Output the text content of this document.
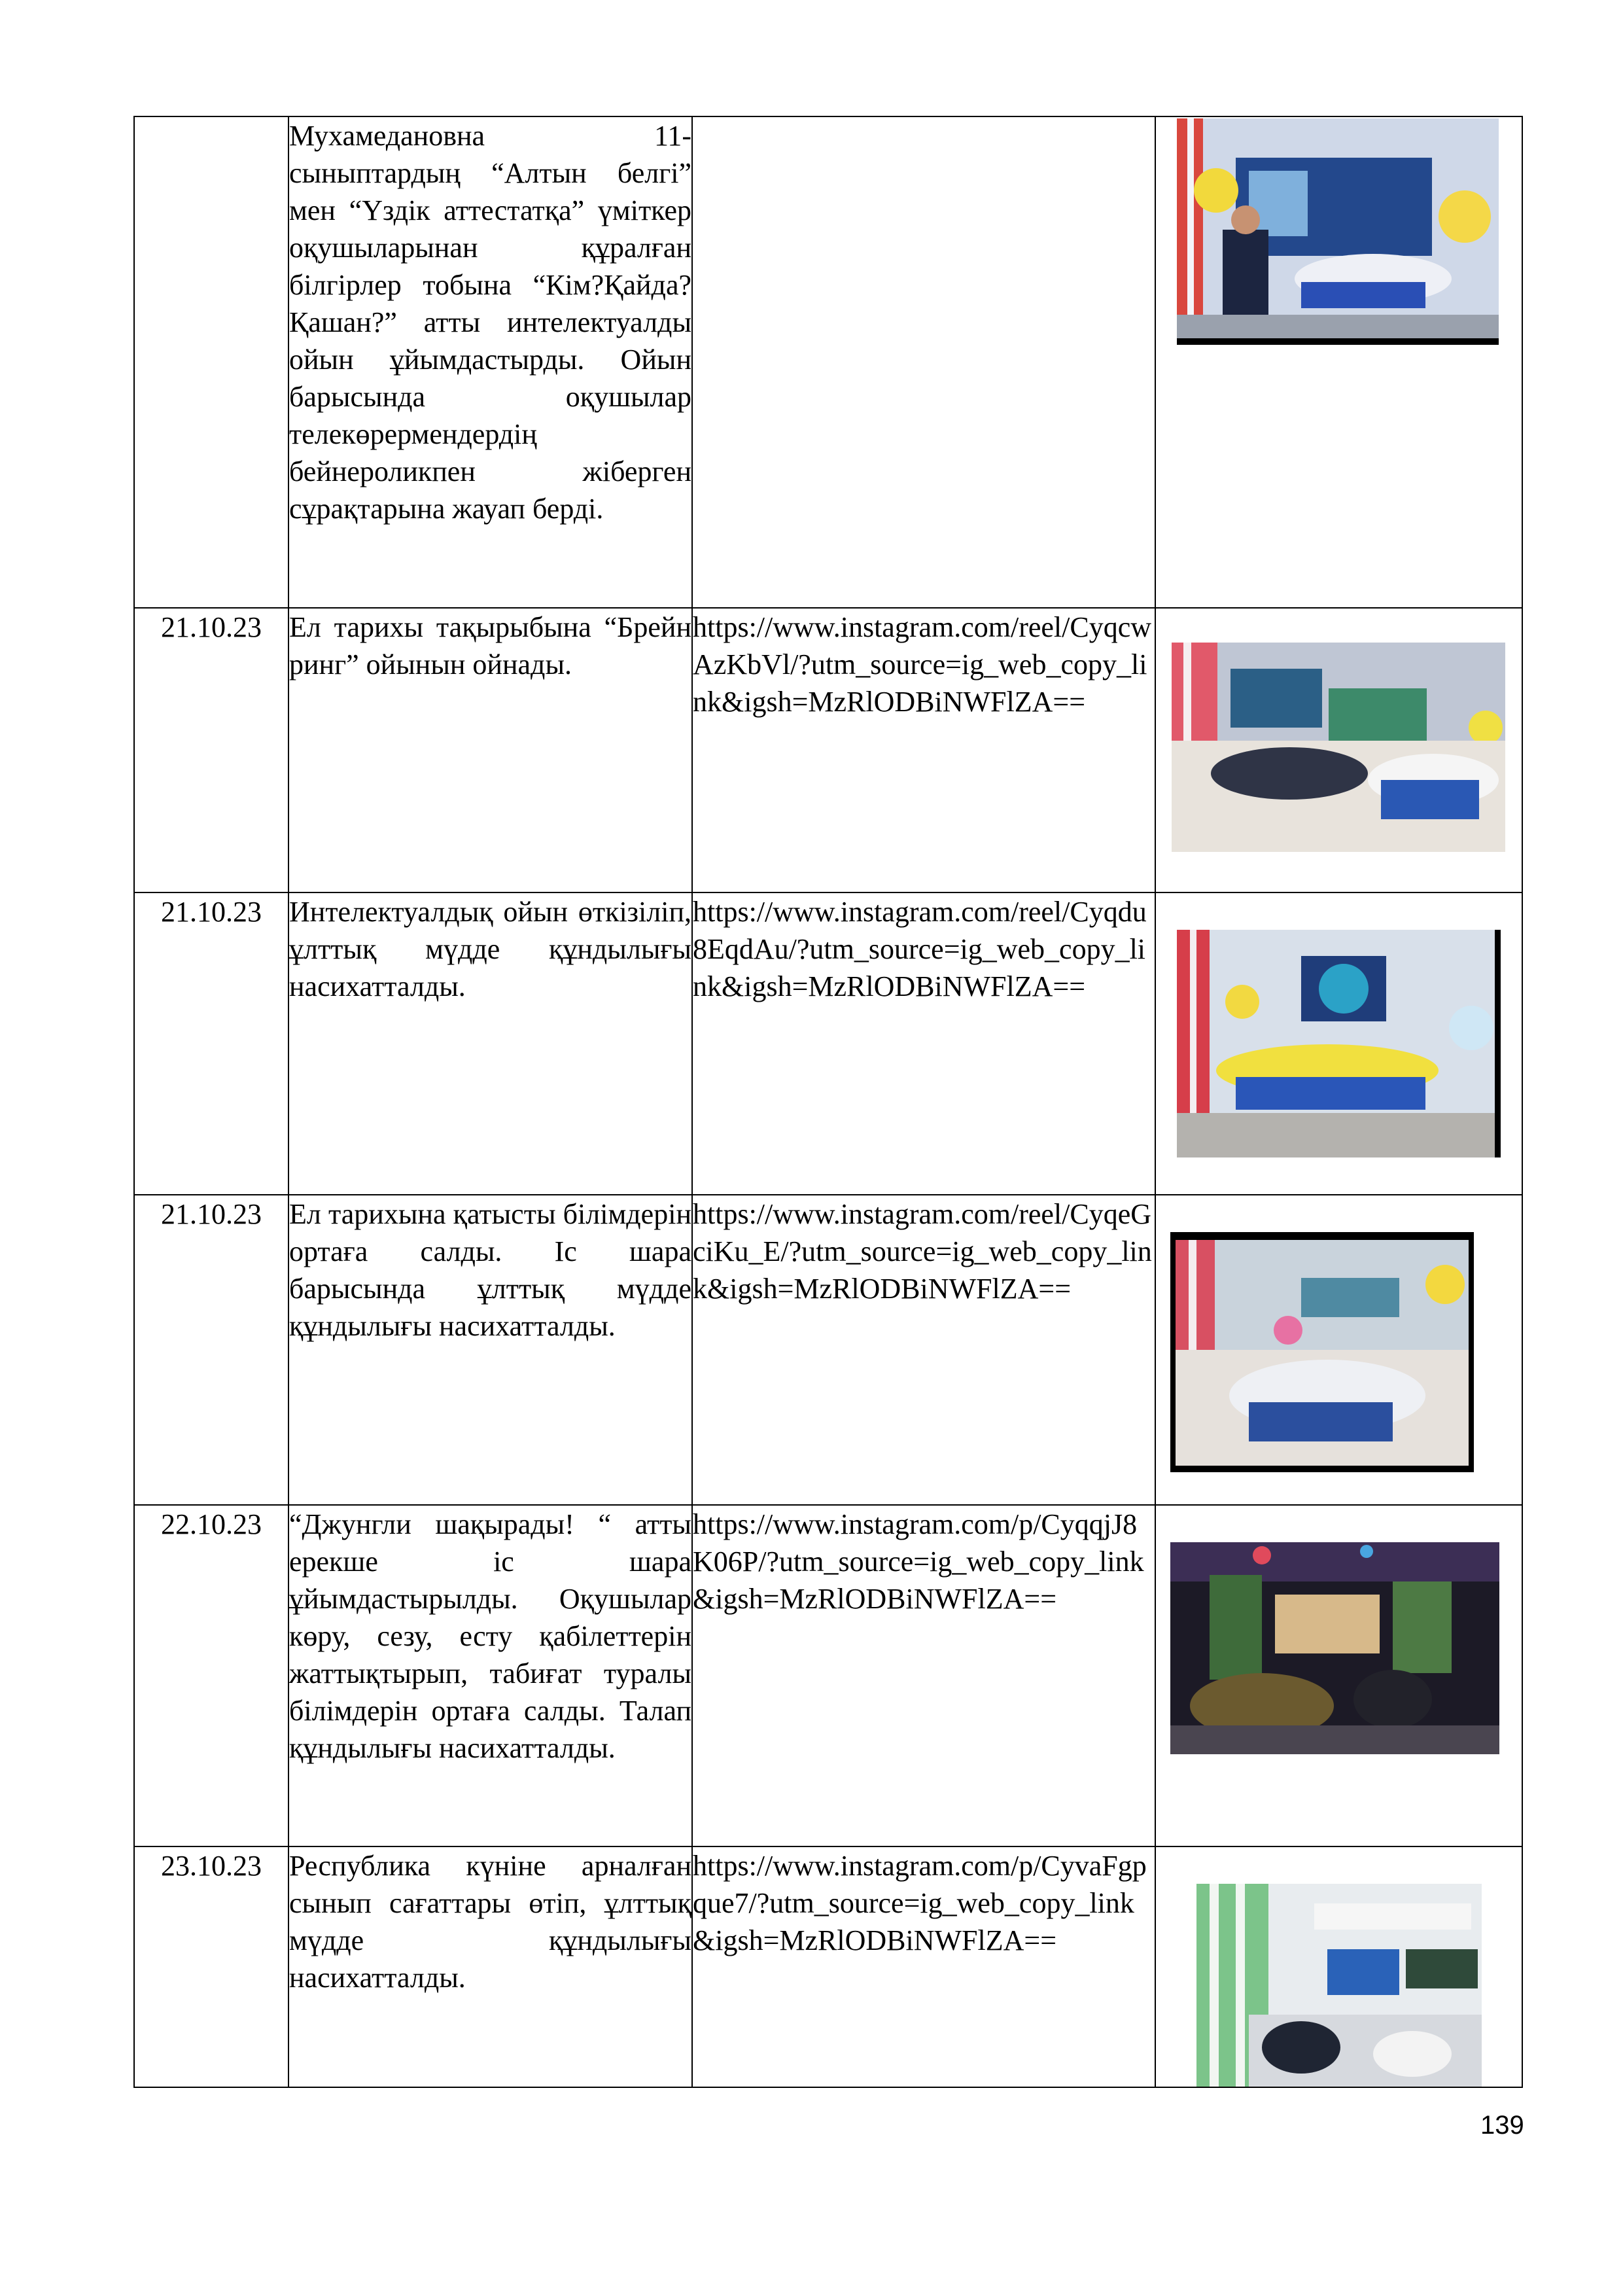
	Мухамедановна 11-сыныптардың “Алтын белгі” мен “Үздік аттестатқа” үміткер оқушыларынан құралған білгірлер тобына “Кім?Қайда?Қашан?” атты интелектуалды ойын ұйымдастырды. Ойын барысында оқушылар телекөрермендердің бейнероликпен жіберген сұрақтарына жауап берді.		

21.10.23	Ел тарихы тақырыбына “Брейн ринг” ойынын ойнады.	https://www.instagram.com/reel/CyqcwAzKbVl/?utm_source=ig_web_copy_link&igsh=MzRlODBiNWFlZA==	

21.10.23	Интелектуалдық ойын өткізіліп, ұлттық мүдде құндылығы насихатталды.	https://www.instagram.com/reel/Cyqdu8EqdAu/?utm_source=ig_web_copy_link&igsh=MzRlODBiNWFlZA==	

21.10.23	Ел тарихына қатысты білімдерін ортаға салды. Іс шара барысында ұлттық мүдде құндылығы насихатталды.	https://www.instagram.com/reel/CyqeGciKu_E/?utm_source=ig_web_copy_link&igsh=MzRlODBiNWFlZA==	

22.10.23	“Джунгли шақырады! “ атты ерекше іс шара ұйымдастырылды. Оқушылар көру, сезу, есту қабілеттерін жаттықтырып, табиғат туралы білімдерін ортаға салды. Талап құндылығы насихатталды.	https://www.instagram.com/p/CyqqjJ8K06P/?utm_source=ig_web_copy_link&igsh=MzRlODBiNWFlZA==	

23.10.23	Республика күніне арналған сынып сағаттары өтіп, ұлттық мүдде құндылығы насихатталды.	https://www.instagram.com/p/CyvaFgpque7/?utm_source=ig_web_copy_link&igsh=MzRlODBiNWFlZA==	
139
